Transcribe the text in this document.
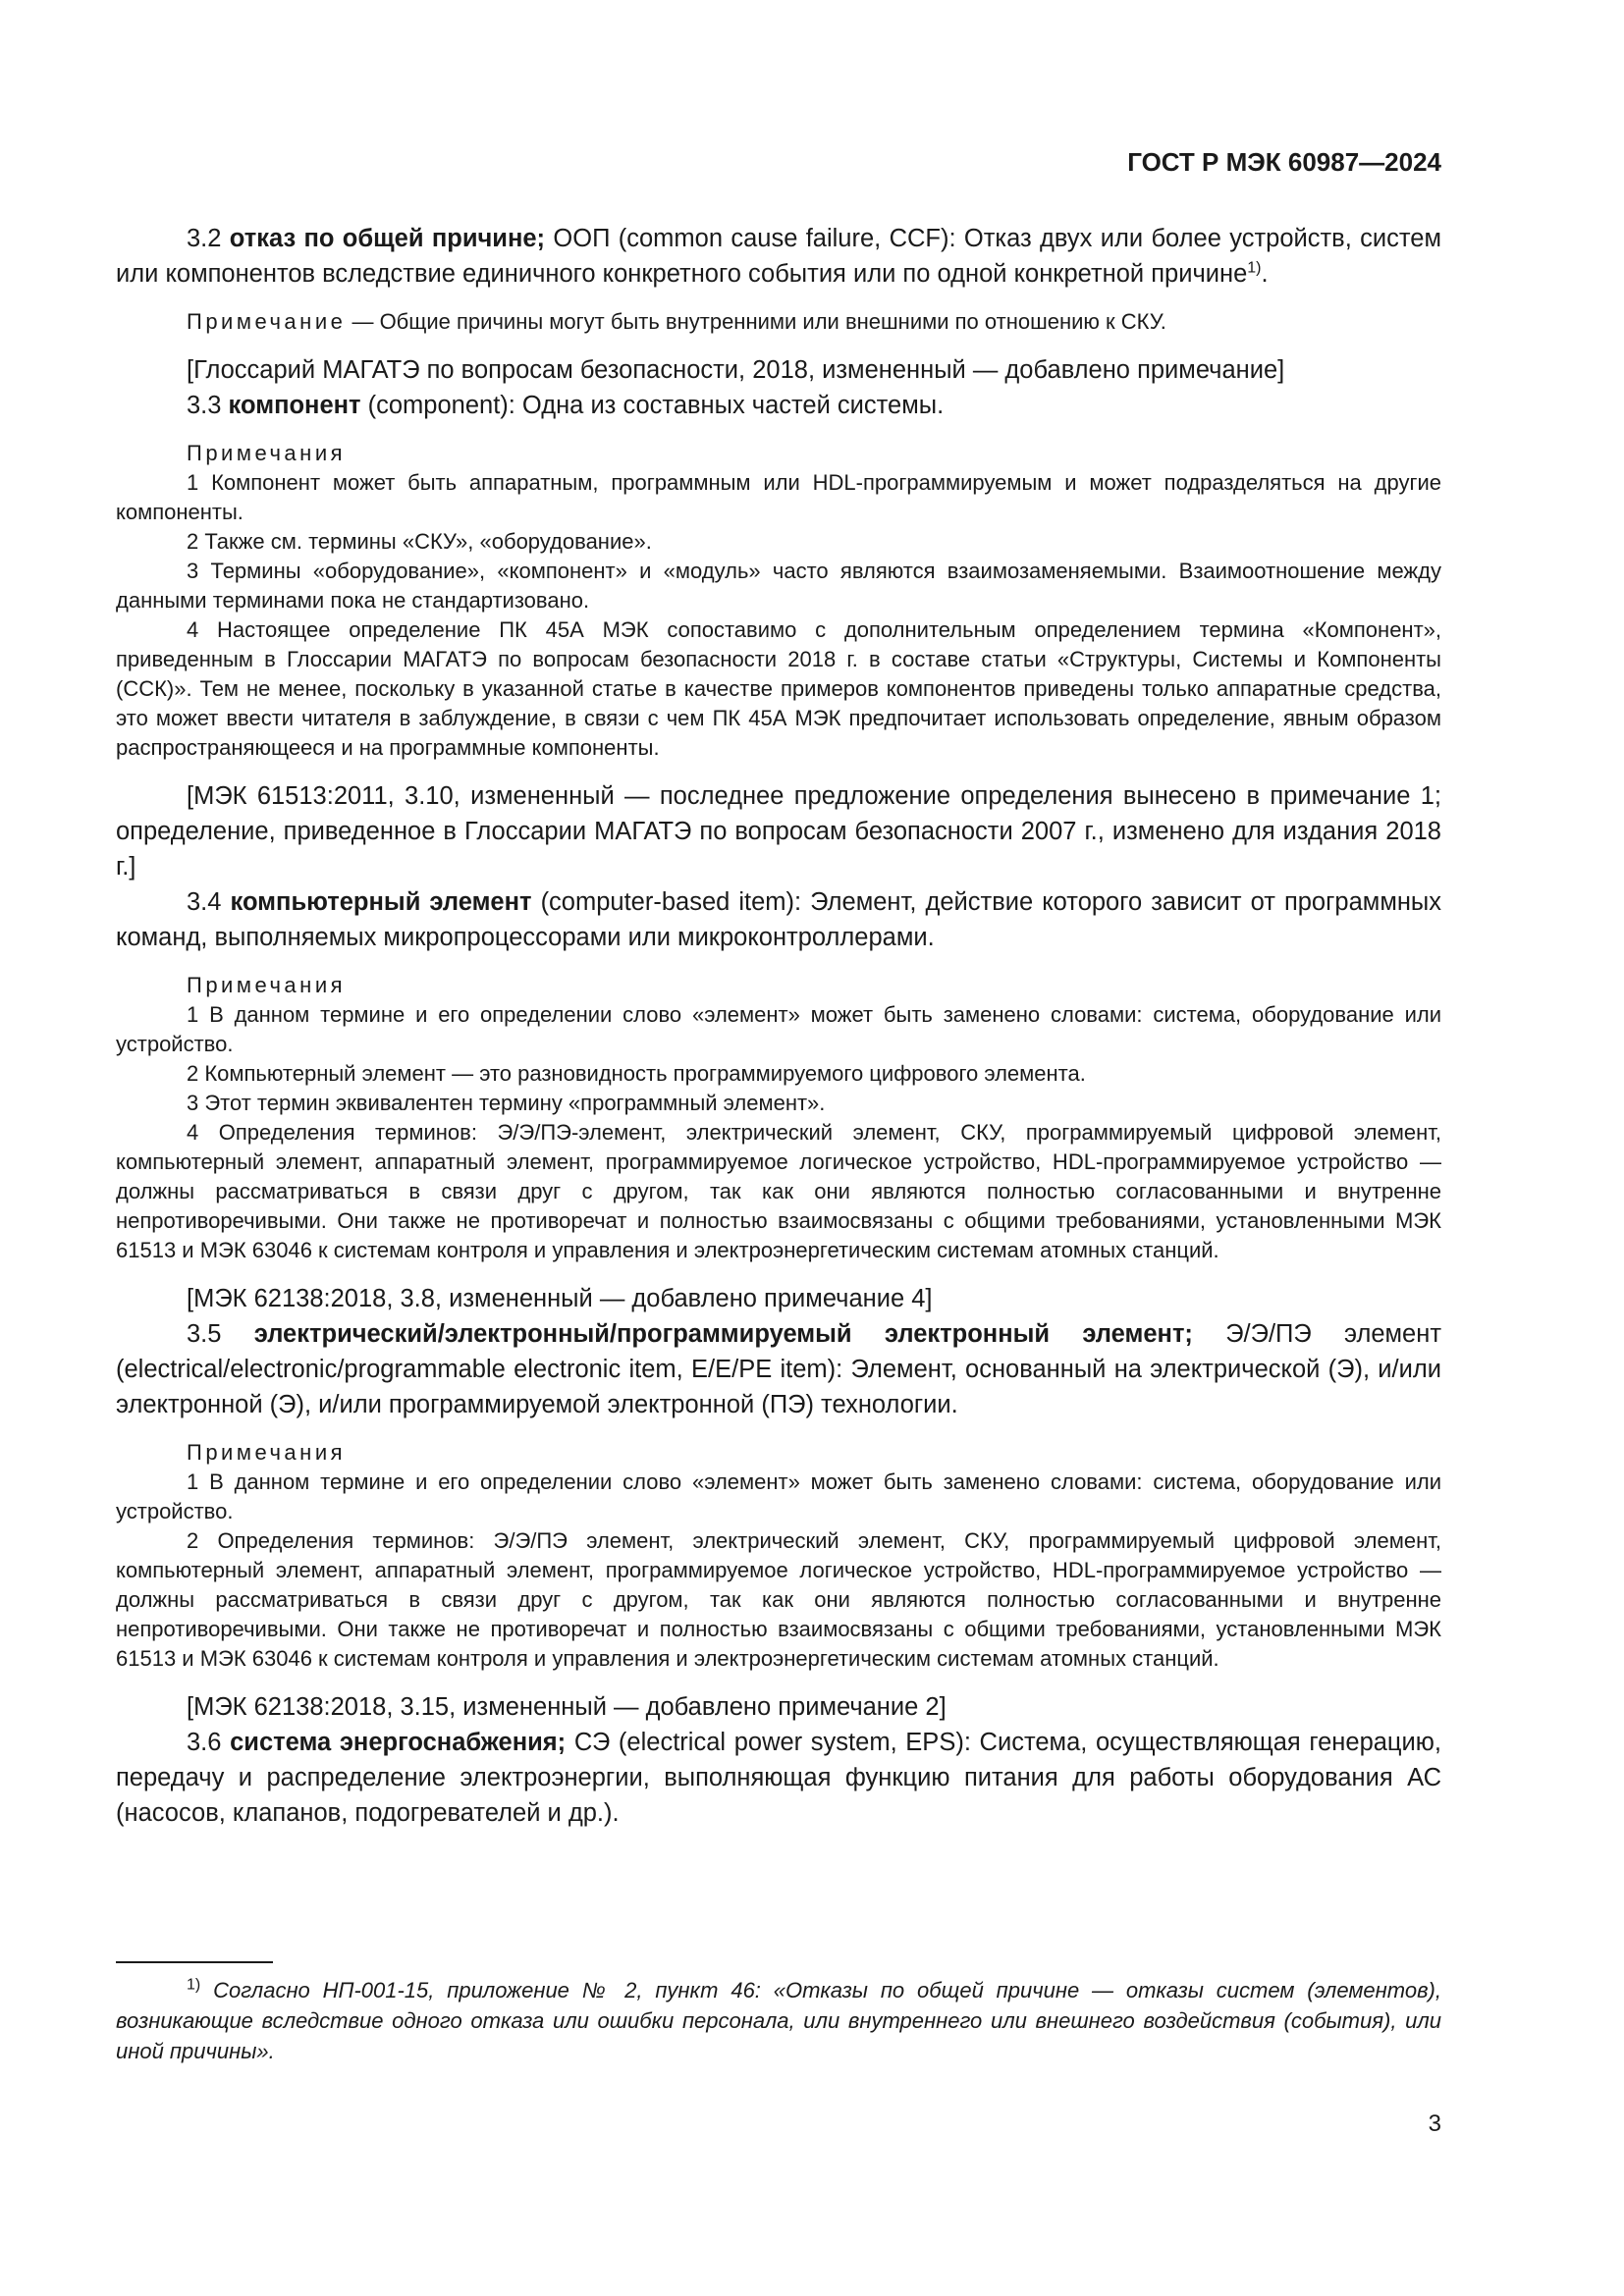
ГОСТ Р МЭК 60987—2024

3.2 отказ по общей причине; ООП (common cause failure, CCF): Отказ двух или более устройств, систем или компонентов вследствие единичного конкретного события или по одной конкретной причине$^{1)}$.

Примечание — Общие причины могут быть внутренними или внешними по отношению к СКУ.

[Глоссарий МАГАТЭ по вопросам безопасности, 2018, измененный — добавлено примечание]

3.3 компонент (component): Одна из составных частей системы.

Примечания

1 Компонент может быть аппаратным, программным или HDL-программируемым и может подразделяться на другие компоненты.

2 Также см. термины «СКУ», «оборудование».

3 Термины «оборудование», «компонент» и «модуль» часто являются взаимозаменяемыми. Взаимоотношение между данными терминами пока не стандартизовано.

4 Настоящее определение ПК 45А МЭК сопоставимо с дополнительным определением термина «Компонент», приведенным в Глоссарии МАГАТЭ по вопросам безопасности 2018 г. в составе статьи «Структуры, Системы и Компоненты (ССК)». Тем не менее, поскольку в указанной статье в качестве примеров компонентов приведены только аппаратные средства, это может ввести читателя в заблуждение, в связи с чем ПК 45А МЭК предпочитает использовать определение, явным образом распространяющееся и на программные компоненты.

[МЭК 61513:2011, 3.10, измененный — последнее предложение определения вынесено в примечание 1; определение, приведенное в Глоссарии МАГАТЭ по вопросам безопасности 2007 г., изменено для издания 2018 г.]

3.4 компьютерный элемент (computer-based item): Элемент, действие которого зависит от программных команд, выполняемых микропроцессорами или микроконтроллерами.

Примечания

1 В данном термине и его определении слово «элемент» может быть заменено словами: система, оборудование или устройство.

2 Компьютерный элемент — это разновидность программируемого цифрового элемента.

3 Этот термин эквивалентен термину «программный элемент».

4 Определения терминов: Э/Э/ПЭ-элемент, электрический элемент, СКУ, программируемый цифровой элемент, компьютерный элемент, аппаратный элемент, программируемое логическое устройство, HDL-программируемое устройство — должны рассматриваться в связи друг с другом, так как они являются полностью согласованными и внутренне непротиворечивыми. Они также не противоречат и полностью взаимосвязаны с общими требованиями, установленными МЭК 61513 и МЭК 63046 к системам контроля и управления и электроэнергетическим системам атомных станций.

[МЭК 62138:2018, 3.8, измененный — добавлено примечание 4]

3.5 электрический/электронный/программируемый электронный элемент; Э/Э/ПЭ элемент (electrical/electronic/programmable electronic item, E/E/PE item): Элемент, основанный на электрической (Э), и/или электронной (Э), и/или программируемой электронной (ПЭ) технологии.

Примечания

1 В данном термине и его определении слово «элемент» может быть заменено словами: система, оборудование или устройство.

2 Определения терминов: Э/Э/ПЭ элемент, электрический элемент, СКУ, программируемый цифровой элемент, компьютерный элемент, аппаратный элемент, программируемое логическое устройство, HDL-программируемое устройство — должны рассматриваться в связи друг с другом, так как они являются полностью согласованными и внутренне непротиворечивыми. Они также не противоречат и полностью взаимосвязаны с общими требованиями, установленными МЭК 61513 и МЭК 63046 к системам контроля и управления и электроэнергетическим системам атомных станций.

[МЭК 62138:2018, 3.15, измененный — добавлено примечание 2]

3.6 система энергоснабжения; СЭ (electrical power system, EPS): Система, осуществляющая генерацию, передачу и распределение электроэнергии, выполняющая функцию питания для работы оборудования АС (насосов, клапанов, подогревателей и др.).

$^{1)}$ Согласно НП-001-15, приложение № 2, пункт 46: «Отказы по общей причине — отказы систем (элементов), возникающие вследствие одного отказа или ошибки персонала, или внутреннего или внешнего воздействия (события), или иной причины».

3
